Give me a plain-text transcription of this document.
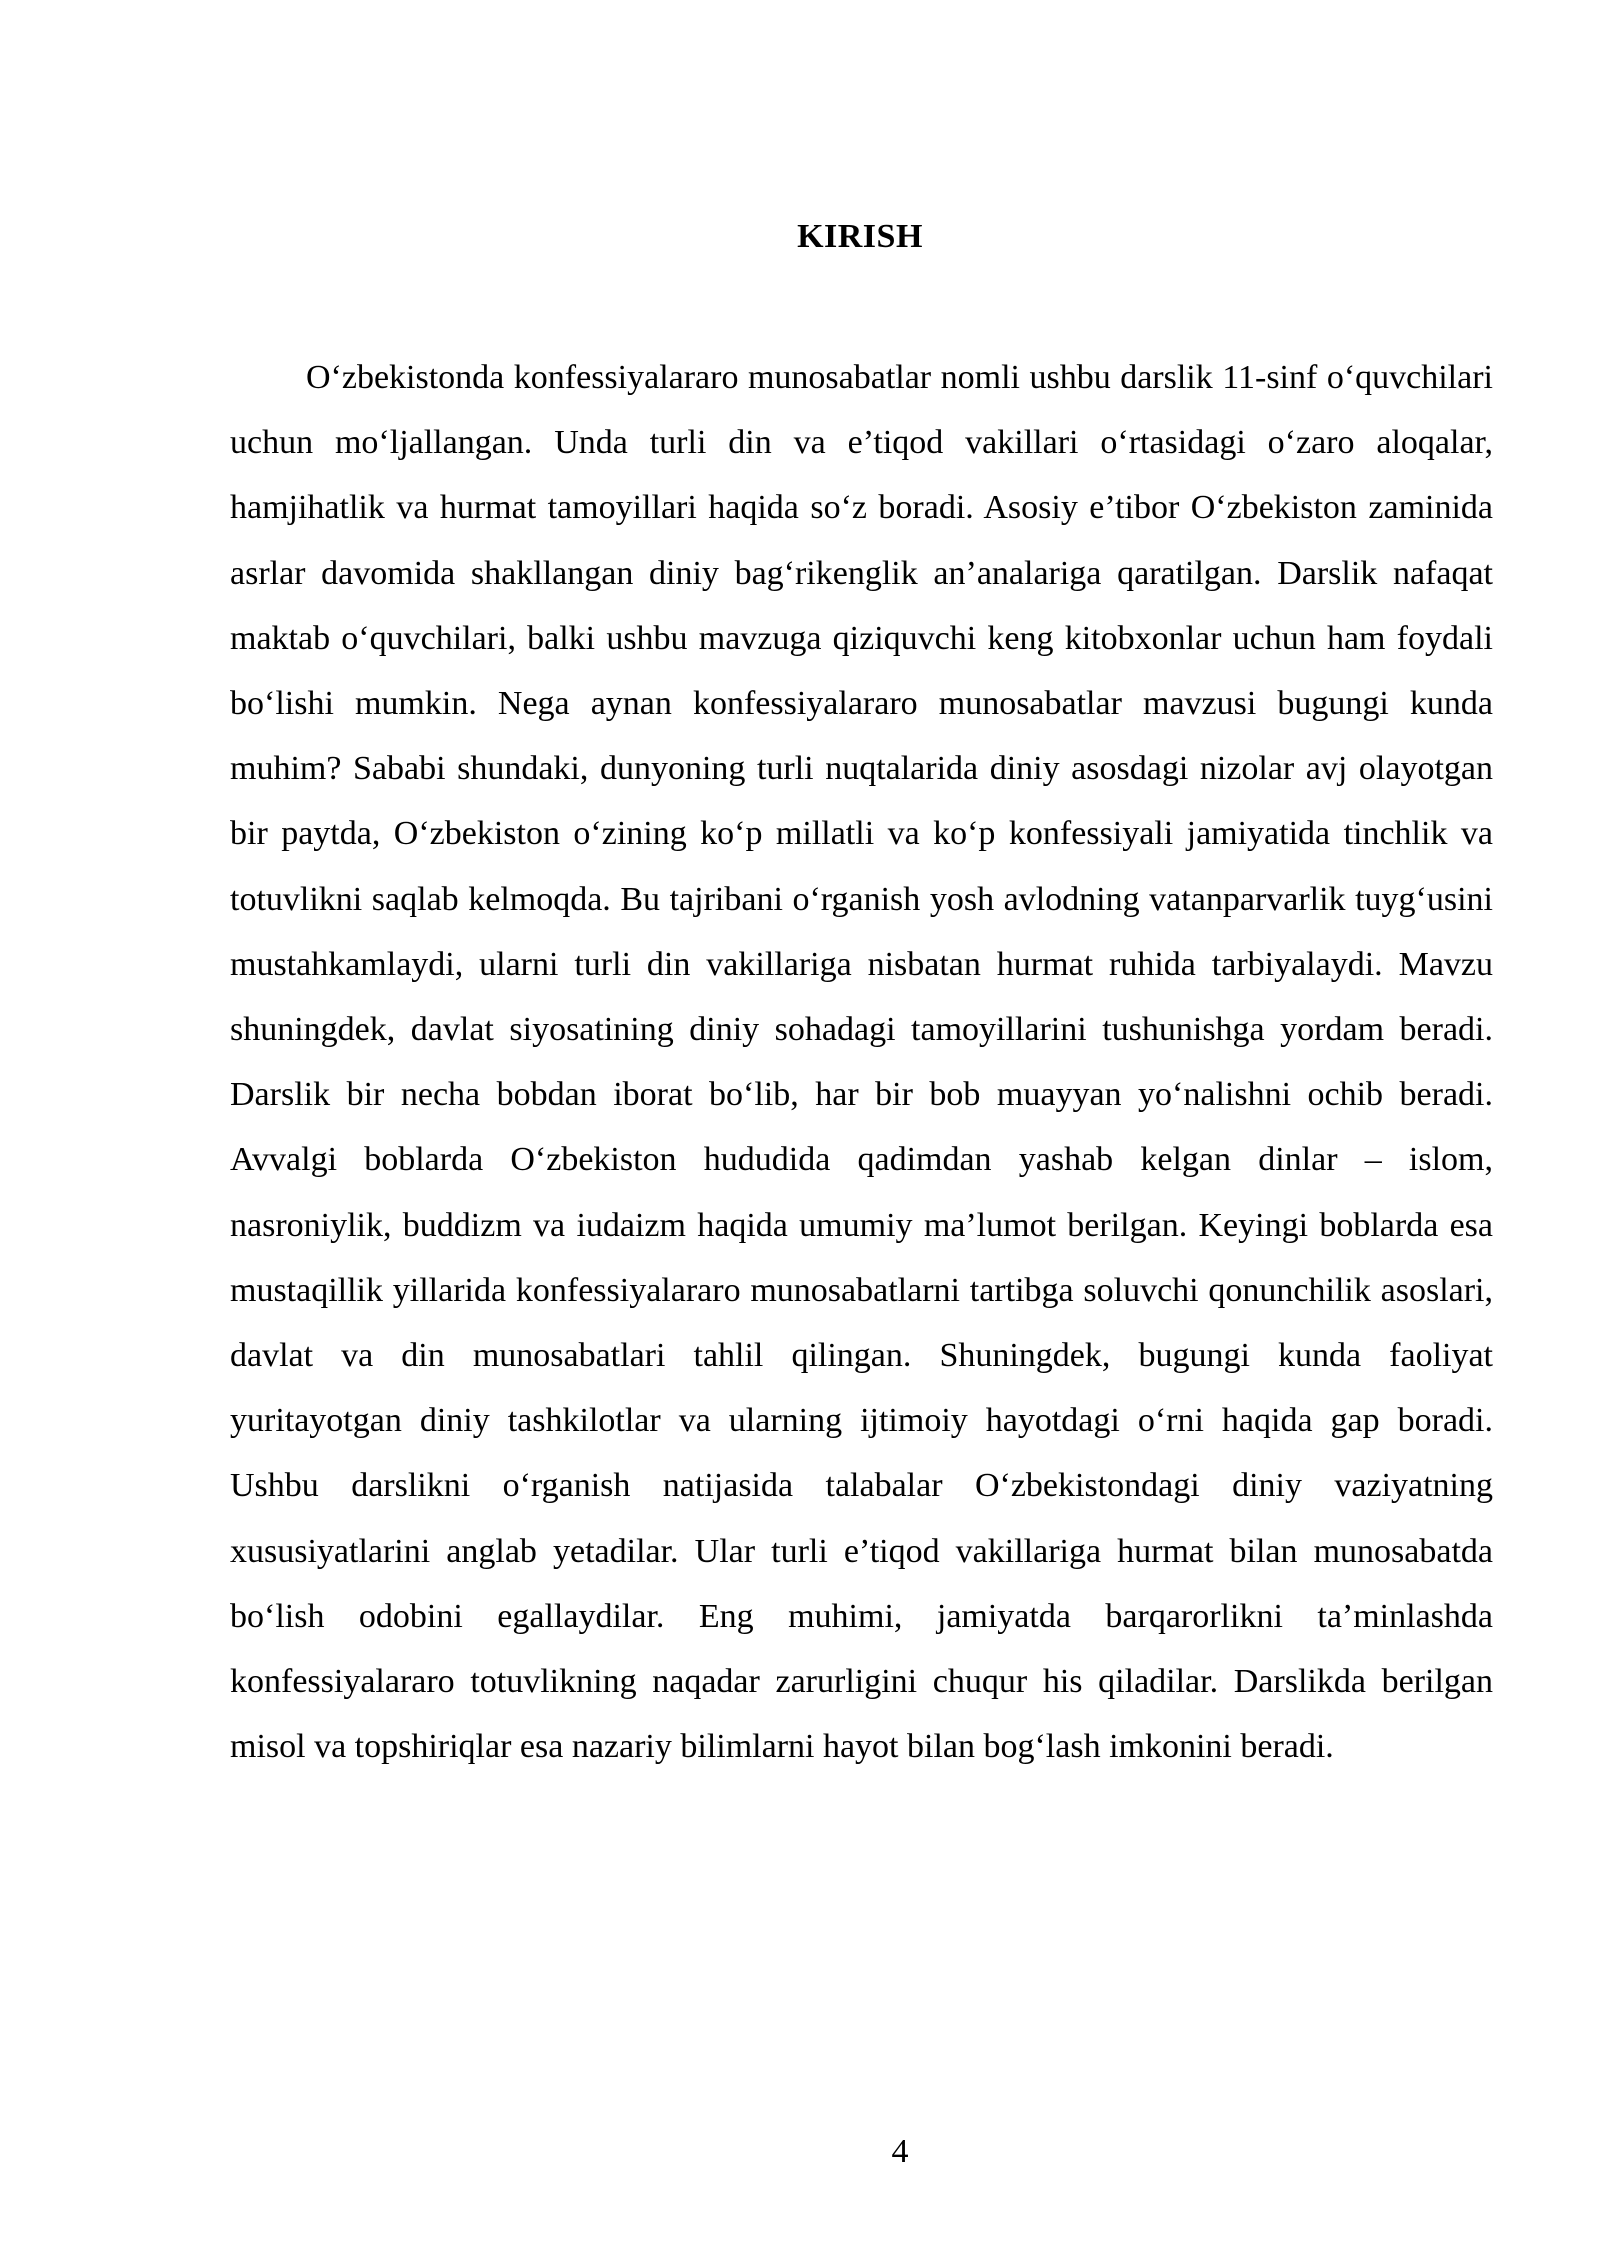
KIRISH

O‘zbekistonda konfessiyalararo munosabatlar nomli ushbu darslik 11-sinf o‘quvchilari uchun mo‘ljallangan. Unda turli din va e’tiqod vakillari o‘rtasidagi o‘zaro aloqalar, hamjihatlik va hurmat tamoyillari haqida so‘z boradi. Asosiy e’tibor O‘zbekiston zaminida asrlar davomida shakllangan diniy bag‘rikenglik an’analariga qaratilgan. Darslik nafaqat maktab o‘quvchilari, balki ushbu mavzuga qiziquvchi keng kitobxonlar uchun ham foydali bo‘lishi mumkin. Nega aynan konfessiyalararo munosabatlar mavzusi bugungi kunda muhim? Sababi shundaki, dunyoning turli nuqtalarida diniy asosdagi nizolar avj olayotgan bir paytda, O‘zbekiston o‘zining ko‘p millatli va ko‘p konfessiyali jamiyatida tinchlik va totuvlikni saqlab kelmoqda. Bu tajribani o‘rganish yosh avlodning vatanparvarlik tuyg‘usini mustahkamlaydi, ularni turli din vakillariga nisbatan hurmat ruhida tarbiyalaydi. Mavzu shuningdek, davlat siyosatining diniy sohadagi tamoyillarini tushunishga yordam beradi. Darslik bir necha bobdan iborat bo‘lib, har bir bob muayyan yo‘nalishni ochib beradi. Avvalgi boblarda O‘zbekiston hududida qadimdan yashab kelgan dinlar – islom, nasroniylik, buddizm va iudaizm haqida umumiy ma’lumot berilgan. Keyingi boblarda esa mustaqillik yillarida konfessiyalararo munosabatlarni tartibga soluvchi qonunchilik asoslari, davlat va din munosabatlari tahlil qilingan. Shuningdek, bugungi kunda faoliyat yuritayotgan diniy tashkilotlar va ularning ijtimoiy hayotdagi o‘rni haqida gap boradi. Ushbu darslikni o‘rganish natijasida talabalar O‘zbekistondagi diniy vaziyatning xususiyatlarini anglab yetadilar. Ular turli e’tiqod vakillariga hurmat bilan munosabatda bo‘lish odobini egallaydilar. Eng muhimi, jamiyatda barqarorlikni ta’minlashda konfessiyalararo totuvlikning naqadar zarurligini chuqur his qiladilar. Darslikda berilgan misol va topshiriqlar esa nazariy bilimlarni hayot bilan bog‘lash imkonini beradi.

4
